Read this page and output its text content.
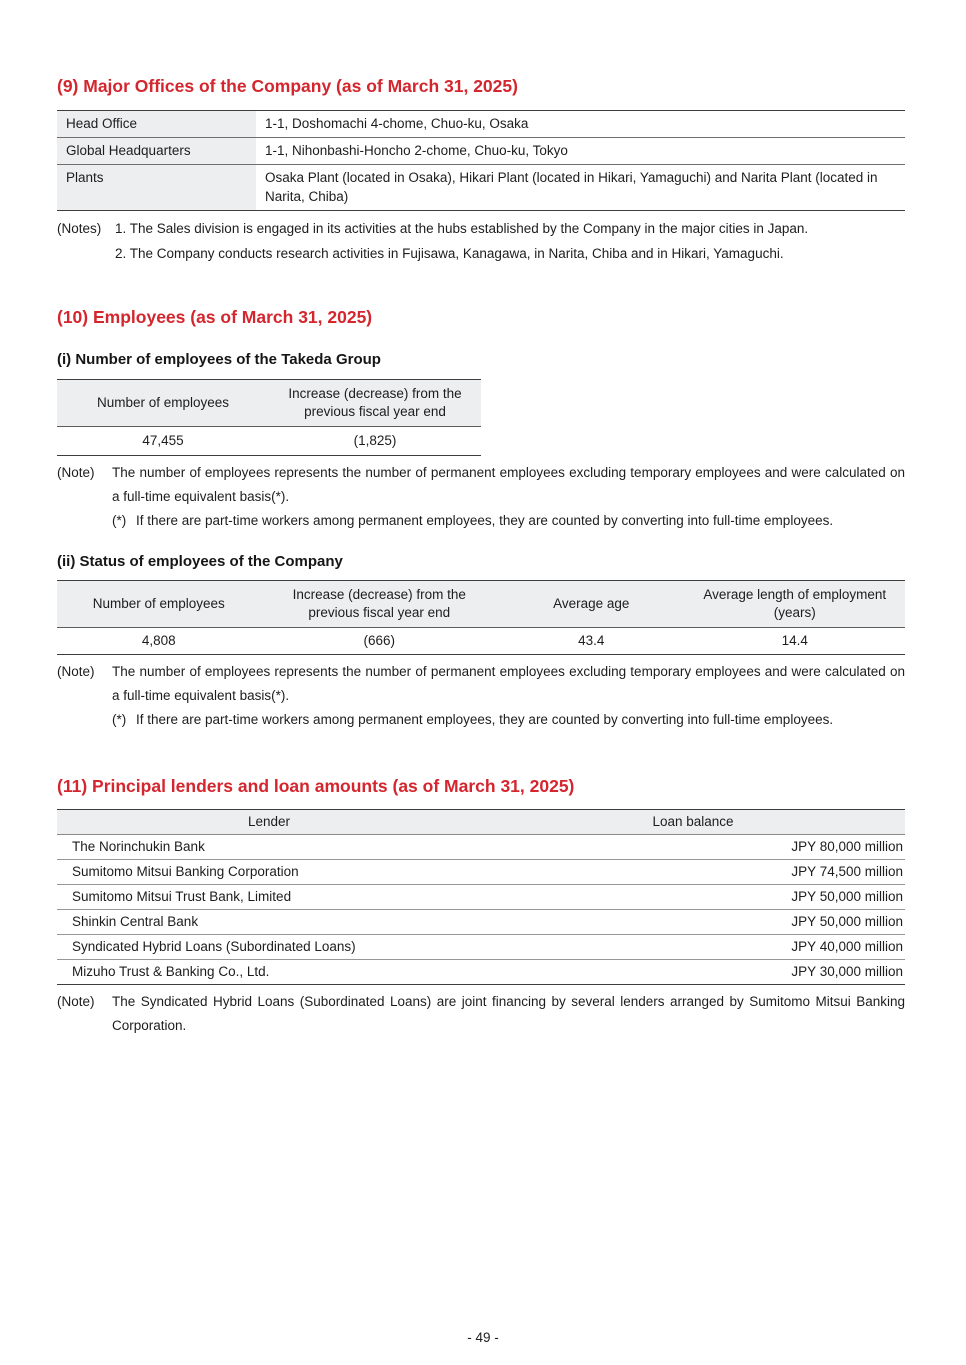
(9) Major Offices of the Company (as of March 31, 2025)
Head Office	1-1, Doshomachi 4-chome, Chuo-ku, Osaka
Global Headquarters	1-1, Nihonbashi-Honcho 2-chome, Chuo-ku, Tokyo
Plants	Osaka Plant (located in Osaka), Hikari Plant (located in Hikari, Yamaguchi) and Narita Plant (located in Narita, Chiba)
(Notes)	1. The Sales division is engaged in its activities at the hubs established by the Company in the major cities in Japan.
2. The Company conducts research activities in Fujisawa, Kanagawa, in Narita, Chiba and in Hikari, Yamaguchi.
(10) Employees (as of March 31, 2025)
(i) Number of employees of the Takeda Group
Number of employees	Increase (decrease) from the previous fiscal year end
47,455	(1,825)
(Note)	The number of employees represents the number of permanent employees excluding temporary employees and were calculated on a full-time equivalent basis(*).
(*) If there are part-time workers among permanent employees, they are counted by converting into full-time employees.
(ii) Status of employees of the Company
Number of employees	Increase (decrease) from the previous fiscal year end	Average age	Average length of employment (years)
4,808	(666)	43.4	14.4
(Note)	The number of employees represents the number of permanent employees excluding temporary employees and were calculated on a full-time equivalent basis(*).
(*) If there are part-time workers among permanent employees, they are counted by converting into full-time employees.
(11) Principal lenders and loan amounts (as of March 31, 2025)
Lender	Loan balance
The Norinchukin Bank	JPY 80,000 million
Sumitomo Mitsui Banking Corporation	JPY 74,500 million
Sumitomo Mitsui Trust Bank, Limited	JPY 50,000 million
Shinkin Central Bank	JPY 50,000 million
Syndicated Hybrid Loans (Subordinated Loans)	JPY 40,000 million
Mizuho Trust & Banking Co., Ltd.	JPY 30,000 million
(Note)	The Syndicated Hybrid Loans (Subordinated Loans) are joint financing by several lenders arranged by Sumitomo Mitsui Banking Corporation.
- 49 -
